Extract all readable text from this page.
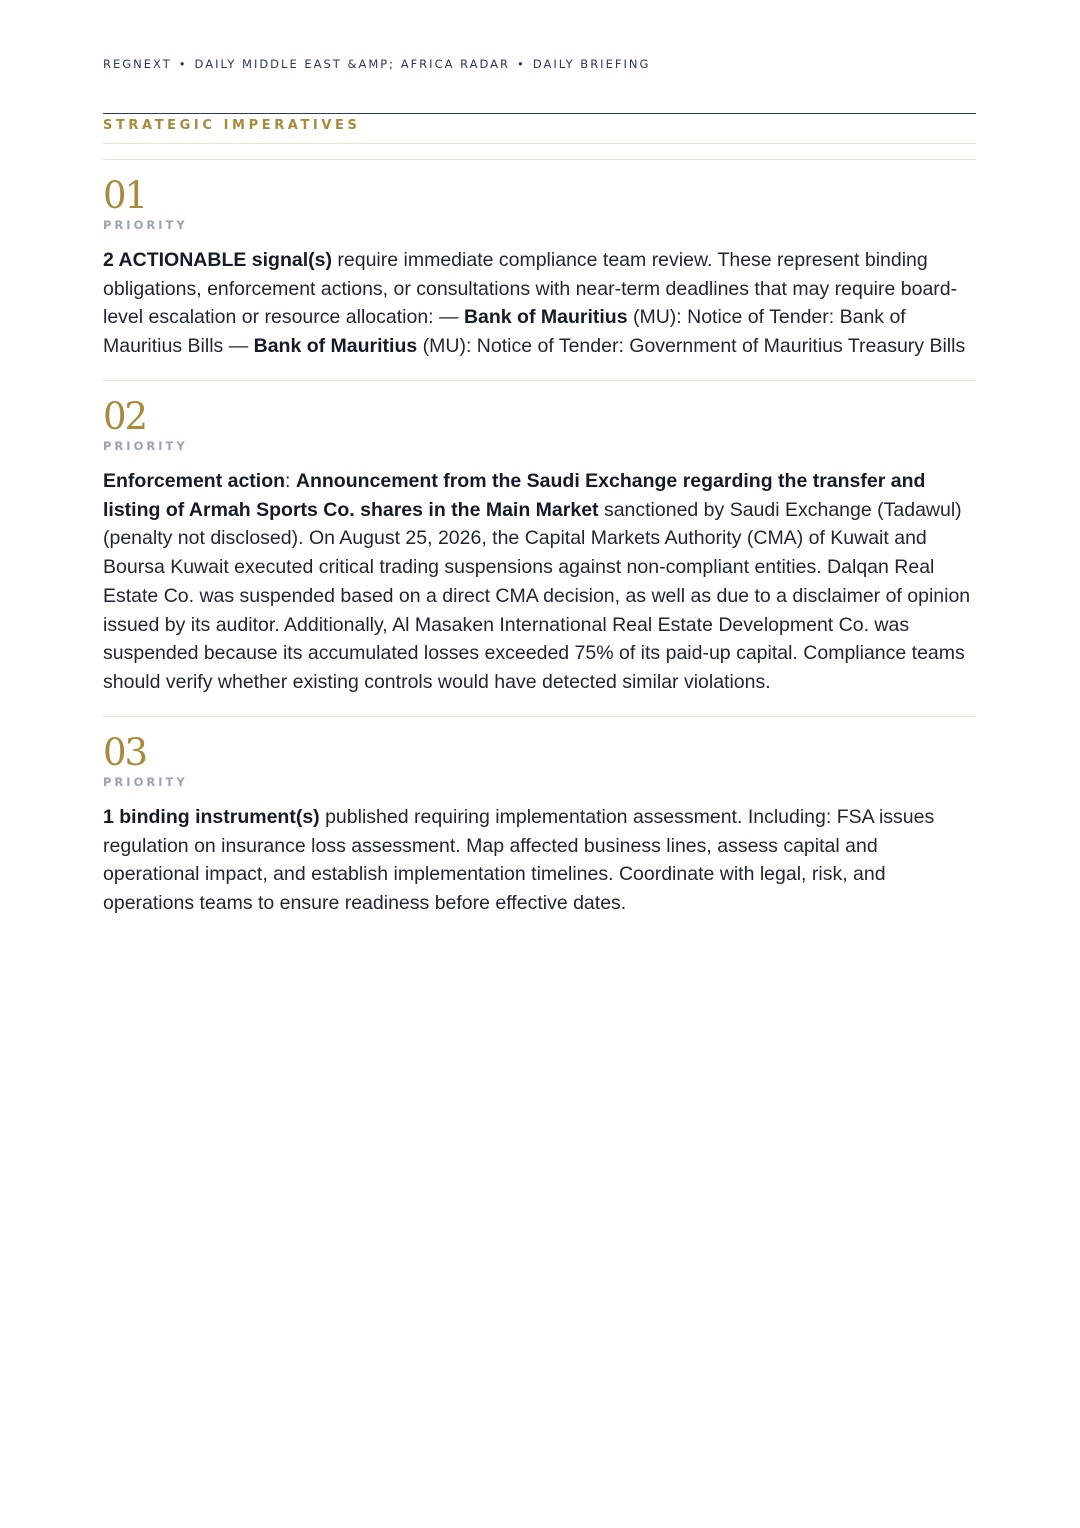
REGNEXT • DAILY MIDDLE EAST &AMP; AFRICA RADAR • DAILY BRIEFING
STRATEGIC IMPERATIVES
01
PRIORITY

2 ACTIONABLE signal(s) require immediate compliance team review. These represent binding obligations, enforcement actions, or consultations with near-term deadlines that may require board-level escalation or resource allocation: — Bank of Mauritius (MU): Notice of Tender: Bank of Mauritius Bills — Bank of Mauritius (MU): Notice of Tender: Government of Mauritius Treasury Bills

02
PRIORITY

Enforcement action: Announcement from the Saudi Exchange regarding the transfer and listing of Armah Sports Co. shares in the Main Market sanctioned by Saudi Exchange (Tadawul) (penalty not disclosed). On August 25, 2026, the Capital Markets Authority (CMA) of Kuwait and Boursa Kuwait executed critical trading suspensions against non-compliant entities. Dalqan Real Estate Co. was suspended based on a direct CMA decision, as well as due to a disclaimer of opinion issued by its auditor. Additionally, Al Masaken International Real Estate Development Co. was suspended because its accumulated losses exceeded 75% of its paid-up capital. Compliance teams should verify whether existing controls would have detected similar violations.

03
PRIORITY

1 binding instrument(s) published requiring implementation assessment. Including: FSA issues regulation on insurance loss assessment. Map affected business lines, assess capital and operational impact, and establish implementation timelines. Coordinate with legal, risk, and operations teams to ensure readiness before effective dates.
